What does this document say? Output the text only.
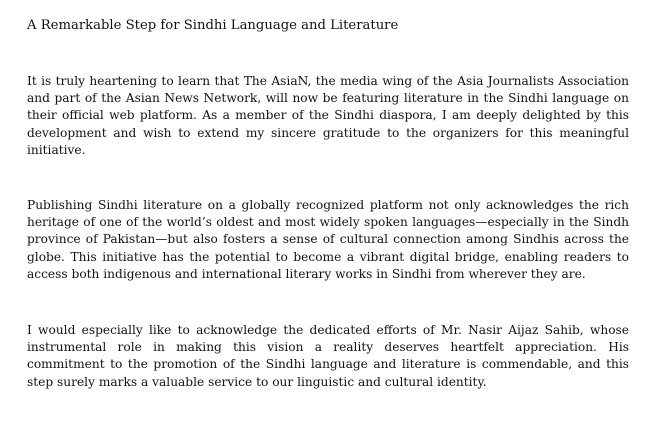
A Remarkable Step for Sindhi Language and Literature

It is truly heartening to learn that The AsiaN, the media wing of the Asia Journalists Association and part of the Asian News Network, will now be featuring literature in the Sindhi language on their official web platform. As a member of the Sindhi diaspora, I am deeply delighted by this development and wish to extend my sincere gratitude to the organizers for this meaningful initiative.

Publishing Sindhi literature on a globally recognized platform not only acknowledges the rich heritage of one of the world’s oldest and most widely spoken languages—especially in the Sindh province of Pakistan—but also fosters a sense of cultural connection among Sindhis across the globe. This initiative has the potential to become a vibrant digital bridge, enabling readers to access both indigenous and international literary works in Sindhi from wherever they are.

I would especially like to acknowledge the dedicated efforts of Mr. Nasir Aijaz Sahib, whose instrumental role in making this vision a reality deserves heartfelt appreciation. His commitment to the promotion of the Sindhi language and literature is commendable, and this step surely marks a valuable service to our linguistic and cultural identity.
